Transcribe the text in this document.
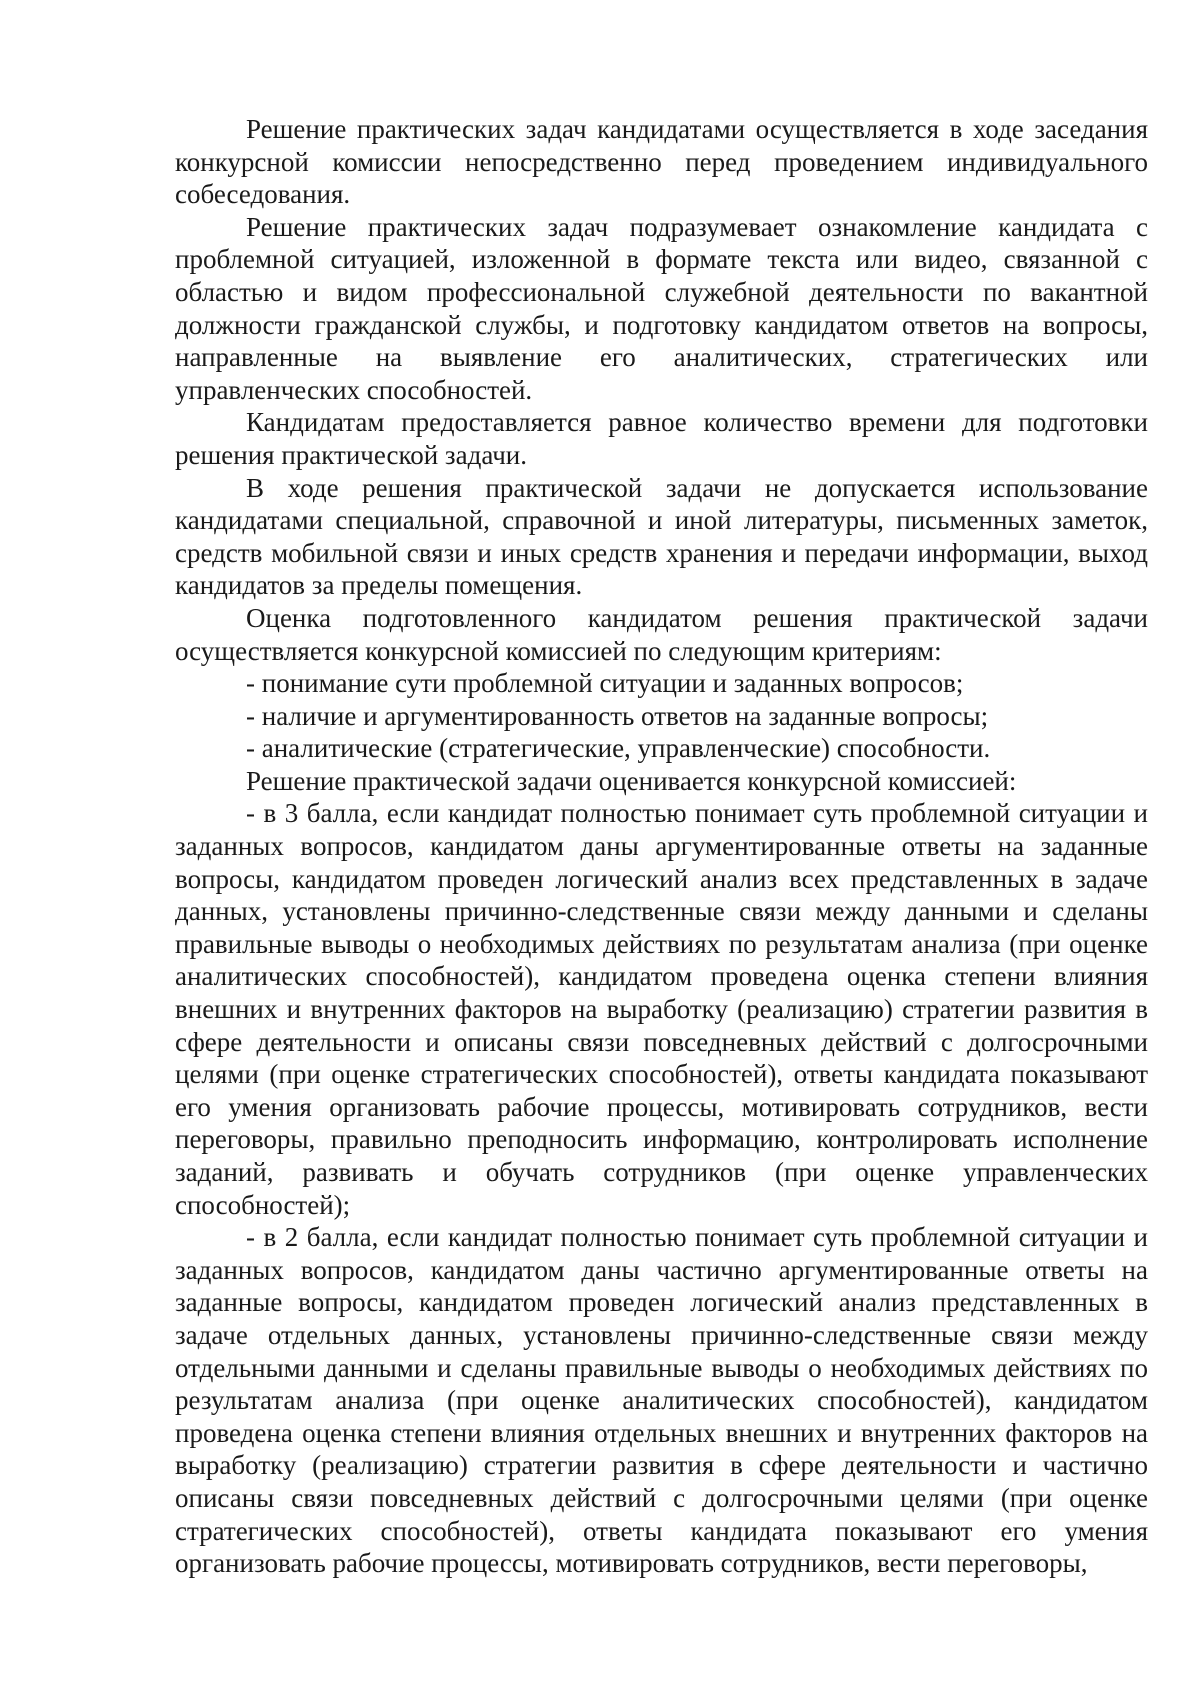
Решение практических задач кандидатами осуществляется в ходе заседания конкурсной комиссии непосредственно перед проведением индивидуального собеседования.

Решение практических задач подразумевает ознакомление кандидата с проблемной ситуацией, изложенной в формате текста или видео, связанной с областью и видом профессиональной служебной деятельности по вакантной должности гражданской службы, и подготовку кандидатом ответов на вопросы, направленные на выявление его аналитических, стратегических или управленческих способностей.

Кандидатам предоставляется равное количество времени для подготовки решения практической задачи.

В ходе решения практической задачи не допускается использование кандидатами специальной, справочной и иной литературы, письменных заметок, средств мобильной связи и иных средств хранения и передачи информации, выход кандидатов за пределы помещения.

Оценка подготовленного кандидатом решения практической задачи осуществляется конкурсной комиссией по следующим критериям:

- понимание сути проблемной ситуации и заданных вопросов;

- наличие и аргументированность ответов на заданные вопросы;

- аналитические (стратегические, управленческие) способности.

Решение практической задачи оценивается конкурсной комиссией:

- в 3 балла, если кандидат полностью понимает суть проблемной ситуации и заданных вопросов, кандидатом даны аргументированные ответы на заданные вопросы, кандидатом проведен логический анализ всех представленных в задаче данных, установлены причинно-следственные связи между данными и сделаны правильные выводы о необходимых действиях по результатам анализа (при оценке аналитических способностей), кандидатом проведена оценка степени влияния внешних и внутренних факторов на выработку (реализацию) стратегии развития в сфере деятельности и описаны связи повседневных действий с долгосрочными целями (при оценке стратегических способностей), ответы кандидата показывают его умения организовать рабочие процессы, мотивировать сотрудников, вести переговоры, правильно преподносить информацию, контролировать исполнение заданий, развивать и обучать сотрудников (при оценке управленческих способностей);

- в 2 балла, если кандидат полностью понимает суть проблемной ситуации и заданных вопросов, кандидатом даны частично аргументированные ответы на заданные вопросы, кандидатом проведен логический анализ представленных в задаче отдельных данных, установлены причинно-следственные связи между отдельными данными и сделаны правильные выводы о необходимых действиях по результатам анализа (при оценке аналитических способностей), кандидатом проведена оценка степени влияния отдельных внешних и внутренних факторов на выработку (реализацию) стратегии развития в сфере деятельности и частично описаны связи повседневных действий с долгосрочными целями (при оценке стратегических способностей), ответы кандидата показывают его умения организовать рабочие процессы, мотивировать сотрудников, вести переговоры,
